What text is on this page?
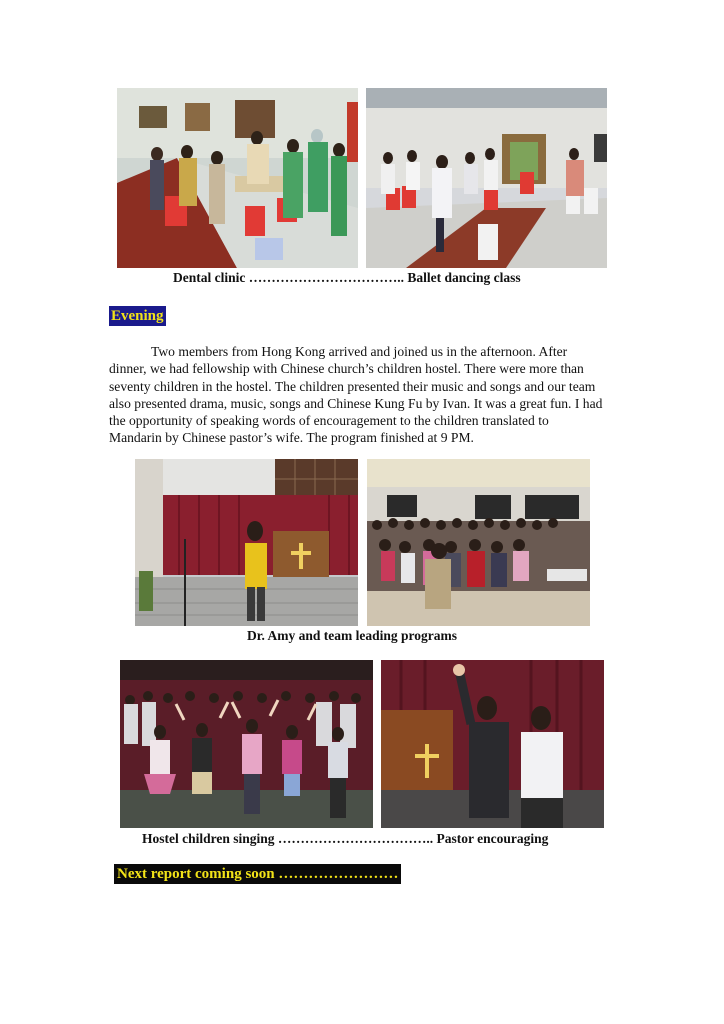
Dental clinic …………………………….. Ballet dancing class
Evening

Two members from Hong Kong arrived and joined us in the afternoon. After dinner, we had fellowship with Chinese church’s children hostel. There were more than seventy children in the hostel. The children presented their music and songs and our team also presented drama, music, songs and Chinese Kung Fu by Ivan. It was a great fun. I had the opportunity of speaking words of encouragement to the children translated to Mandarin by Chinese pastor’s wife. The program finished at 9 PM.

Dr. Amy and team leading programs
Hostel children singing …………………………….. Pastor encouraging
Next report coming soon ……………………
